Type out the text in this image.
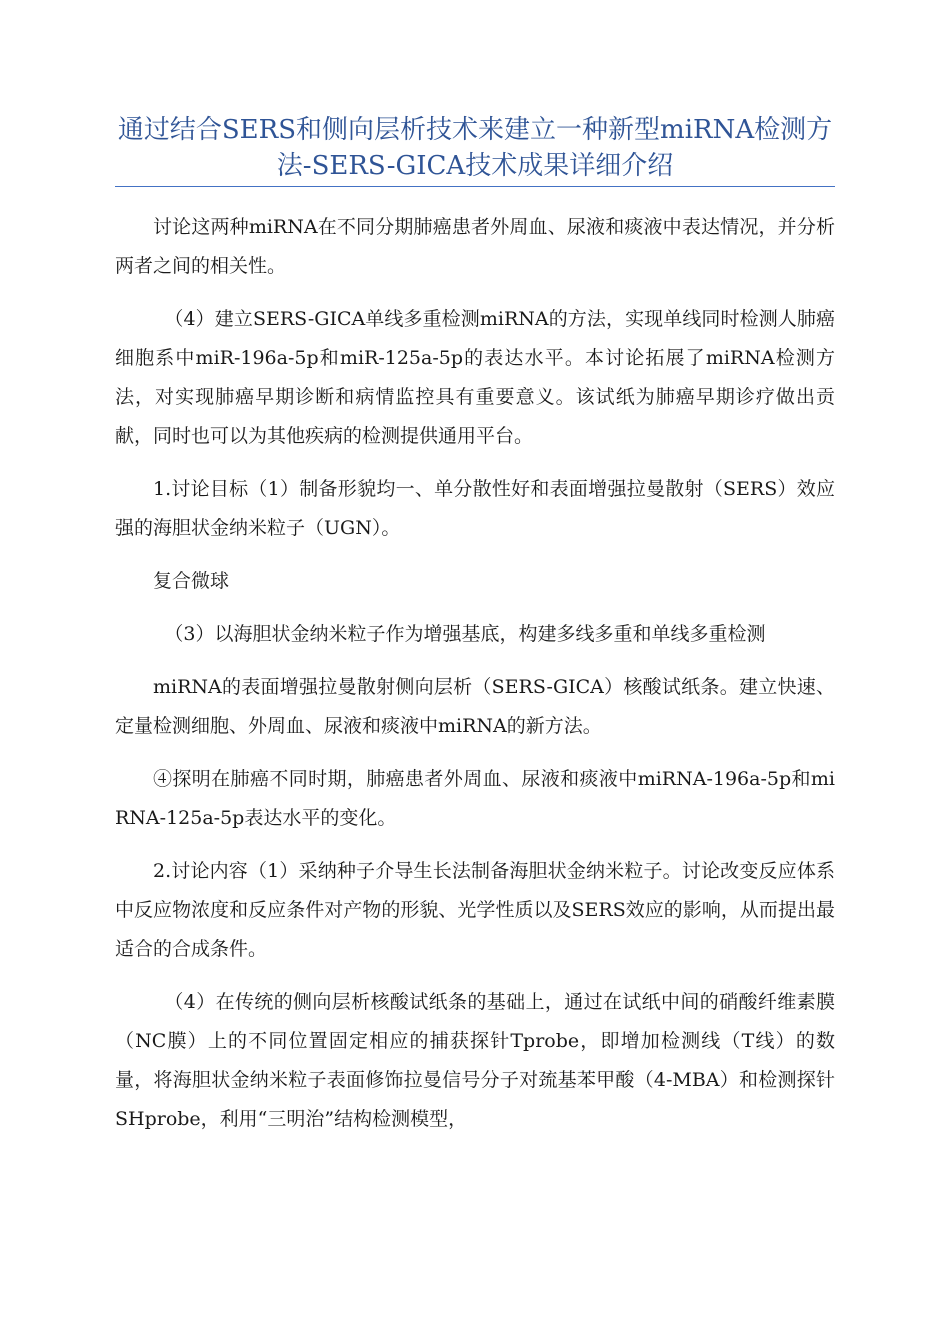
通过结合SERS和侧向层析技术来建立一种新型miRNA检测方法-SERS-GICA技术成果详细介绍

讨论这两种miRNA在不同分期肺癌患者外周血、尿液和痰液中表达情况，并分析两者之间的相关性。

（4）建立SERS-GICA单线多重检测miRNA的方法，实现单线同时检测人肺癌细胞系中miR-196a-5p和miR-125a-5p的表达水平。本讨论拓展了miRNA检测方法，对实现肺癌早期诊断和病情监控具有重要意义。该试纸为肺癌早期诊疗做出贡献，同时也可以为其他疾病的检测提供通用平台。

1.讨论目标（1）制备形貌均一、单分散性好和表面增强拉曼散射（SERS）效应强的海胆状金纳米粒子（UGN）。

复合微球

（3）以海胆状金纳米粒子作为增强基底，构建多线多重和单线多重检测

miRNA的表面增强拉曼散射侧向层析（SERS-GICA）核酸试纸条。建立快速、定量检测细胞、外周血、尿液和痰液中miRNA的新方法。

④探明在肺癌不同时期，肺癌患者外周血、尿液和痰液中miRNA-196a-5p和miRNA-125a-5p表达水平的变化。

2.讨论内容（1）采纳种子介导生长法制备海胆状金纳米粒子。讨论改变反应体系中反应物浓度和反应条件对产物的形貌、光学性质以及SERS效应的影响，从而提出最适合的合成条件。

（4）在传统的侧向层析核酸试纸条的基础上，通过在试纸中间的硝酸纤维素膜（NC膜）上的不同位置固定相应的捕获探针Tprobe，即增加检测线（T线）的数量，将海胆状金纳米粒子表面修饰拉曼信号分子对巯基苯甲酸（4-MBA）和检测探针SHprobe，利用“三明治”结构检测模型，
